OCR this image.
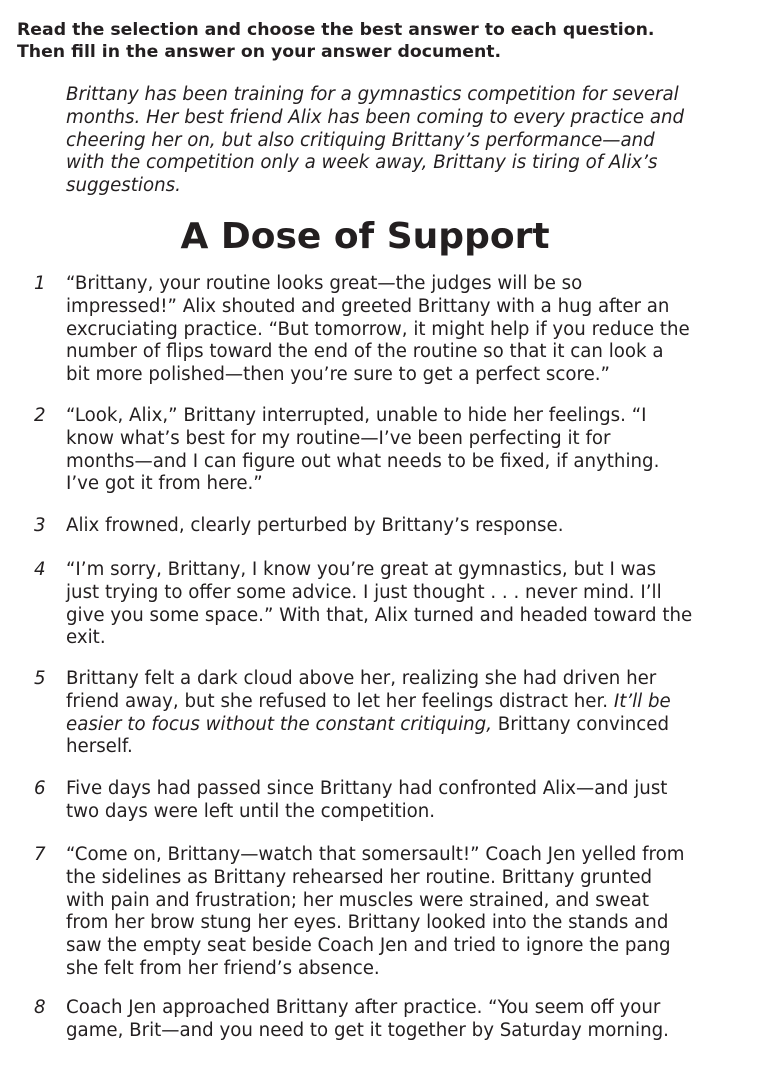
Read the selection and choose the best answer to each question.
Then fill in the answer on your answer document.
Brittany has been training for a gymnastics competition for several
months. Her best friend Alix has been coming to every practice and
cheering her on, but also critiquing Brittany’s performance—and
with the competition only a week away, Brittany is tiring of Alix’s
suggestions.
A Dose of Support
1 “Brittany, your routine looks great—the judges will be so
impressed!” Alix shouted and greeted Brittany with a hug after an
excruciating practice. “But tomorrow, it might help if you reduce the
number of flips toward the end of the routine so that it can look a
bit more polished—then you’re sure to get a perfect score.”
2 “Look, Alix,” Brittany interrupted, unable to hide her feelings. “I
know what’s best for my routine—I’ve been perfecting it for
months—and I can figure out what needs to be fixed, if anything.
I’ve got it from here.”
3 Alix frowned, clearly perturbed by Brittany’s response.
4 “I’m sorry, Brittany, I know you’re great at gymnastics, but I was
just trying to offer some advice. I just thought . . . never mind. I’ll
give you some space.” With that, Alix turned and headed toward the
exit.
5 Brittany felt a dark cloud above her, realizing she had driven her
friend away, but she refused to let her feelings distract her. It’ll be
easier to focus without the constant critiquing, Brittany convinced
herself.
6 Five days had passed since Brittany had confronted Alix—and just
two days were left until the competition.
7 “Come on, Brittany—watch that somersault!” Coach Jen yelled from
the sidelines as Brittany rehearsed her routine. Brittany grunted
with pain and frustration; her muscles were strained, and sweat
from her brow stung her eyes. Brittany looked into the stands and
saw the empty seat beside Coach Jen and tried to ignore the pang
she felt from her friend’s absence.
8 Coach Jen approached Brittany after practice. “You seem off your
game, Brit—and you need to get it together by Saturday morning.
